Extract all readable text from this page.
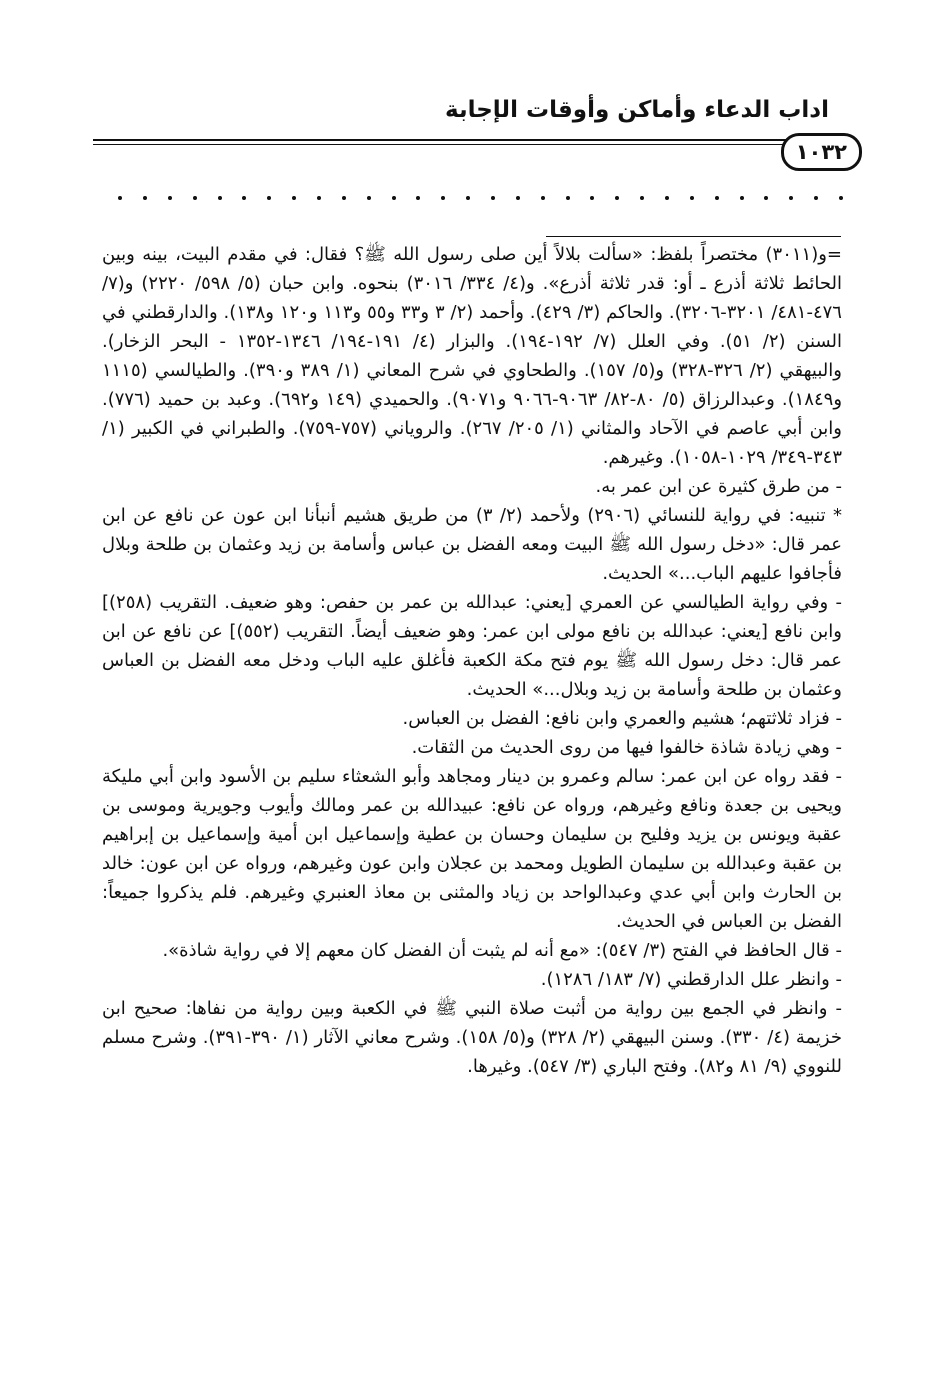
اداب الدعاء وأماكن وأوقات الإجابة
١٠٣٢

=و(٣٠١١) مختصراً بلفظ: «سألت بلالاً أين صلى رسول الله ﷺ؟ فقال: في مقدم البيت، بينه وبين الحائط ثلاثة أذرع ـ أو: قدر ثلاثة أذرع». و(٤/ ٣٣٤/ ٣٠١٦) بنحوه. وابن حبان (٥/ ٥٩٨/ ٢٢٢٠) و(٧/ ٤٧٦-٤٨١/ ٣٢٠١-٣٢٠٦). والحاكم (٣/ ٤٢٩). وأحمد (٢/ ٣ و٣٣ و٥٥ و١١٣ و١٢٠ و١٣٨). والدارقطني في السنن (٢/ ٥١). وفي العلل (٧/ ١٩٢-١٩٤). والبزار (٤/ ١٩١-١٩٤/ ١٣٤٦-١٣٥٢ - البحر الزخار). والبيهقي (٢/ ٣٢٦-٣٢٨) و(٥/ ١٥٧). والطحاوي في شرح المعاني (١/ ٣٨٩ و٣٩٠). والطيالسي (١١١٥ و١٨٤٩). وعبدالرزاق (٥/ ٨٠-٨٢/ ٩٠٦٣-٩٠٦٦ و٩٠٧١). والحميدي (١٤٩ و٦٩٢). وعبد بن حميد (٧٧٦). وابن أبي عاصم في الآحاد والمثاني (١/ ٢٠٥/ ٢٦٧). والروياني (٧٥٧-٧٥٩). والطبراني في الكبير (١/ ٣٤٣-٣٤٩/ ١٠٢٩-١٠٥٨). وغيرهم.

- من طرق كثيرة عن ابن عمر به.

* تنبيه: في رواية للنسائي (٢٩٠٦) ولأحمد (٢/ ٣) من طريق هشيم أنبأنا ابن عون عن نافع عن ابن عمر قال: «دخل رسول الله ﷺ البيت ومعه الفضل بن عباس وأسامة بن زيد وعثمان بن طلحة وبلال فأجافوا عليهم الباب...» الحديث.

- وفي رواية الطيالسي عن العمري [يعني: عبدالله بن عمر بن حفص: وهو ضعيف. التقريب (٢٥٨)] وابن نافع [يعني: عبدالله بن نافع مولى ابن عمر: وهو ضعيف أيضاً. التقريب (٥٥٢)] عن نافع عن ابن عمر قال: دخل رسول الله ﷺ يوم فتح مكة الكعبة فأغلق عليه الباب ودخل معه الفضل بن العباس وعثمان بن طلحة وأسامة بن زيد وبلال...» الحديث.

- فزاد ثلاثتهم؛ هشيم والعمري وابن نافع: الفضل بن العباس.

- وهي زيادة شاذة خالفوا فيها من روى الحديث من الثقات.

- فقد رواه عن ابن عمر: سالم وعمرو بن دينار ومجاهد وأبو الشعثاء سليم بن الأسود وابن أبي مليكة ويحيى بن جعدة ونافع وغيرهم، ورواه عن نافع: عبيدالله بن عمر ومالك وأيوب وجويرية وموسى بن عقبة ويونس بن يزيد وفليح بن سليمان وحسان بن عطية وإسماعيل ابن أمية وإسماعيل بن إبراهيم بن عقبة وعبدالله بن سليمان الطويل ومحمد بن عجلان وابن عون وغيرهم، ورواه عن ابن عون: خالد بن الحارث وابن أبي عدي وعبدالواحد بن زياد والمثنى بن معاذ العنبري وغيرهم. فلم يذكروا جميعاً: الفضل بن العباس في الحديث.

- قال الحافظ في الفتح (٣/ ٥٤٧): «مع أنه لم يثبت أن الفضل كان معهم إلا في رواية شاذة».

- وانظر علل الدارقطني (٧/ ١٨٣/ ١٢٨٦).

- وانظر في الجمع بين رواية من أثبت صلاة النبي ﷺ في الكعبة وبين رواية من نفاها: صحيح ابن خزيمة (٤/ ٣٣٠). وسنن البيهقي (٢/ ٣٢٨) و(٥/ ١٥٨). وشرح معاني الآثار (١/ ٣٩٠-٣٩١). وشرح مسلم للنووي (٩/ ٨١ و٨٢). وفتح الباري (٣/ ٥٤٧). وغيرها.
